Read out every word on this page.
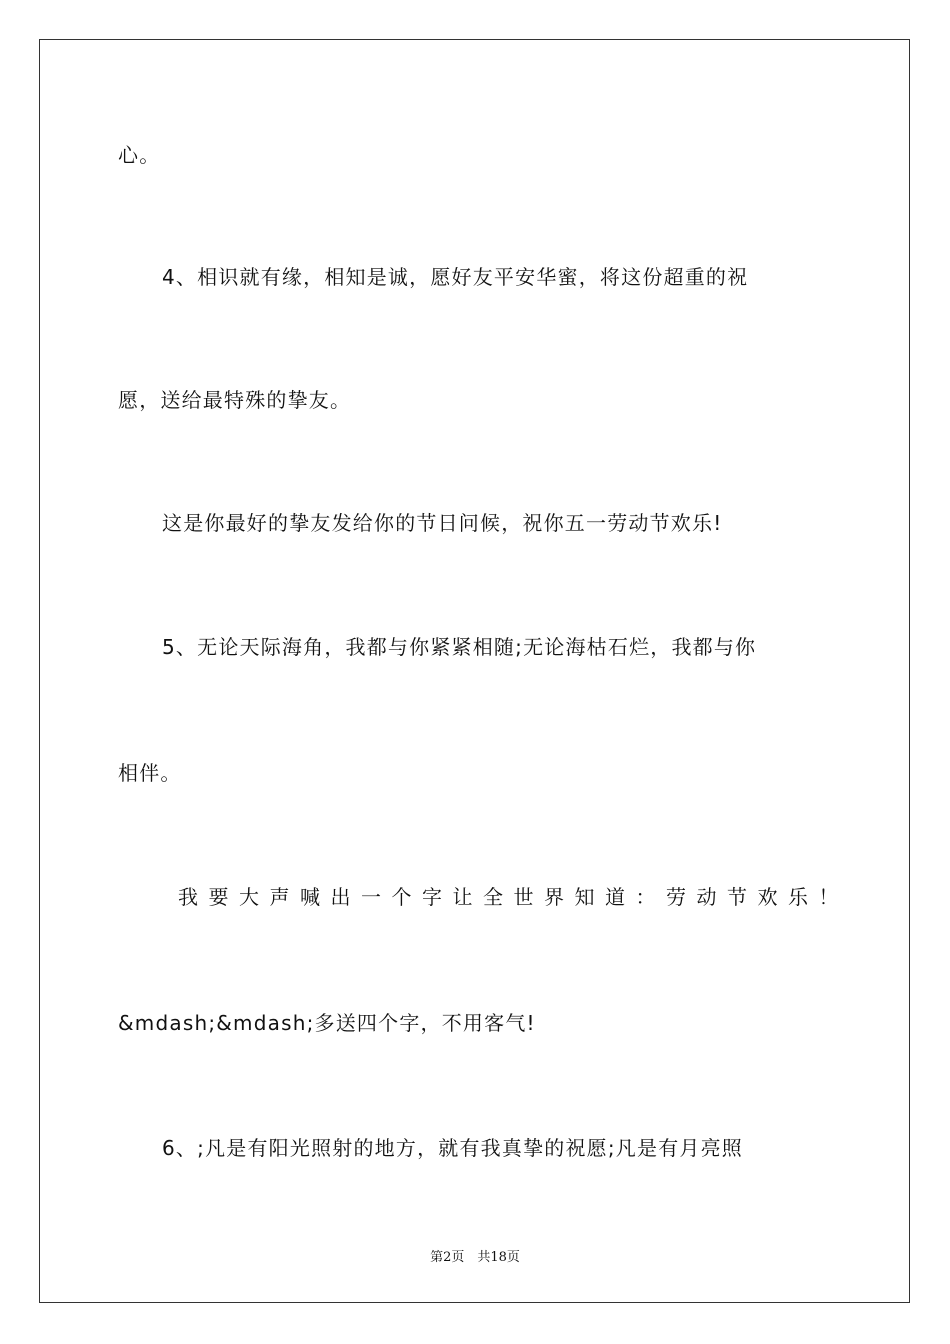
心。
4、相识就有缘，相知是诚，愿好友平安华蜜，将这份超重的祝
愿，送给最特殊的挚友。
这是你最好的挚友发给你的节日问候，祝你五一劳动节欢乐!
5、无论天际海角，我都与你紧紧相随;无论海枯石烂，我都与你
相伴。
我要大声喊出一个字让全世界知道：劳动节欢乐！
&mdash;&mdash;多送四个字，不用客气!
6、;凡是有阳光照射的地方，就有我真挚的祝愿;凡是有月亮照
第2页　共18页
